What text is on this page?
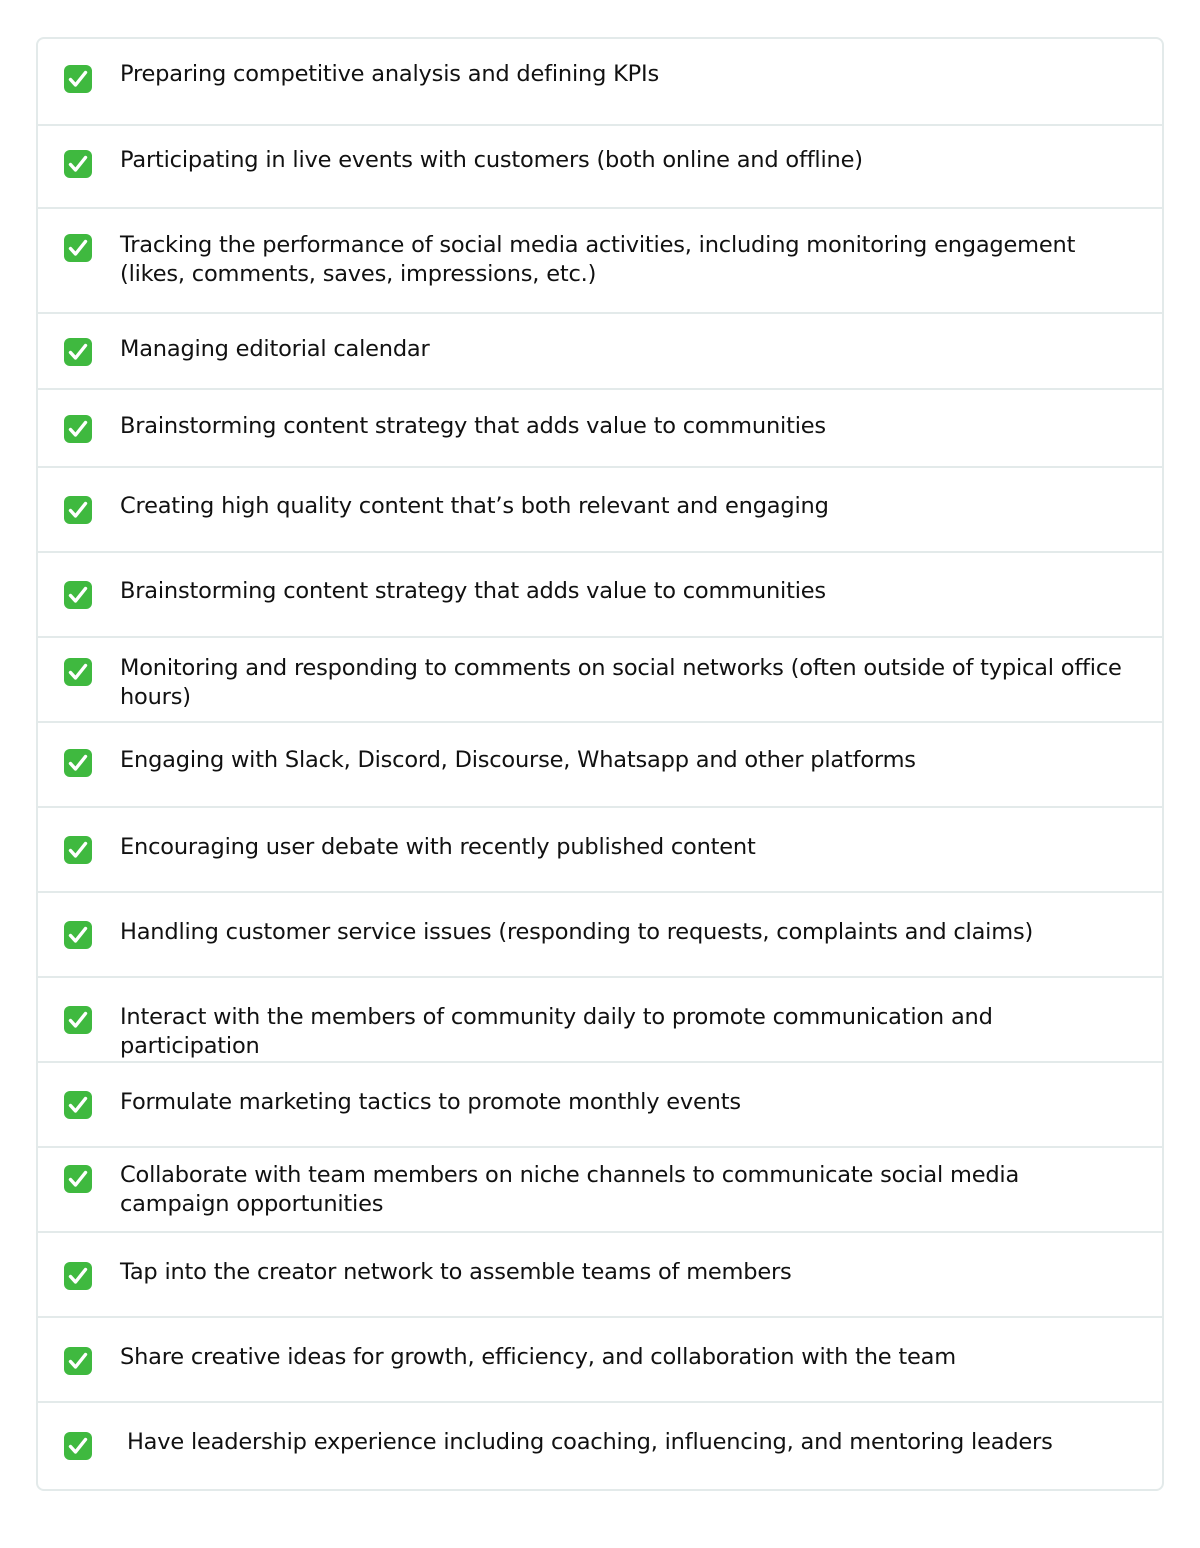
Preparing competitive analysis and defining KPIs
Participating in live events with customers (both online and offline)
Tracking the performance of social media activities, including monitoring engagement (likes, comments, saves, impressions, etc.)
Managing editorial calendar
Brainstorming content strategy that adds value to communities
Creating high quality content that’s both relevant and engaging
Brainstorming content strategy that adds value to communities
Monitoring and responding to comments on social networks (often outside of typical office hours)
Engaging with Slack, Discord, Discourse, Whatsapp and other platforms
Encouraging user debate with recently published content
Handling customer service issues (responding to requests, complaints and claims)
Interact with the members of community daily to promote communication and participation
Formulate marketing tactics to promote monthly events
Collaborate with team members on niche channels to communicate social media campaign opportunities
Tap into the creator network to assemble teams of members
Share creative ideas for growth, efficiency, and collaboration with the team
Have leadership experience including coaching, influencing, and mentoring leaders
